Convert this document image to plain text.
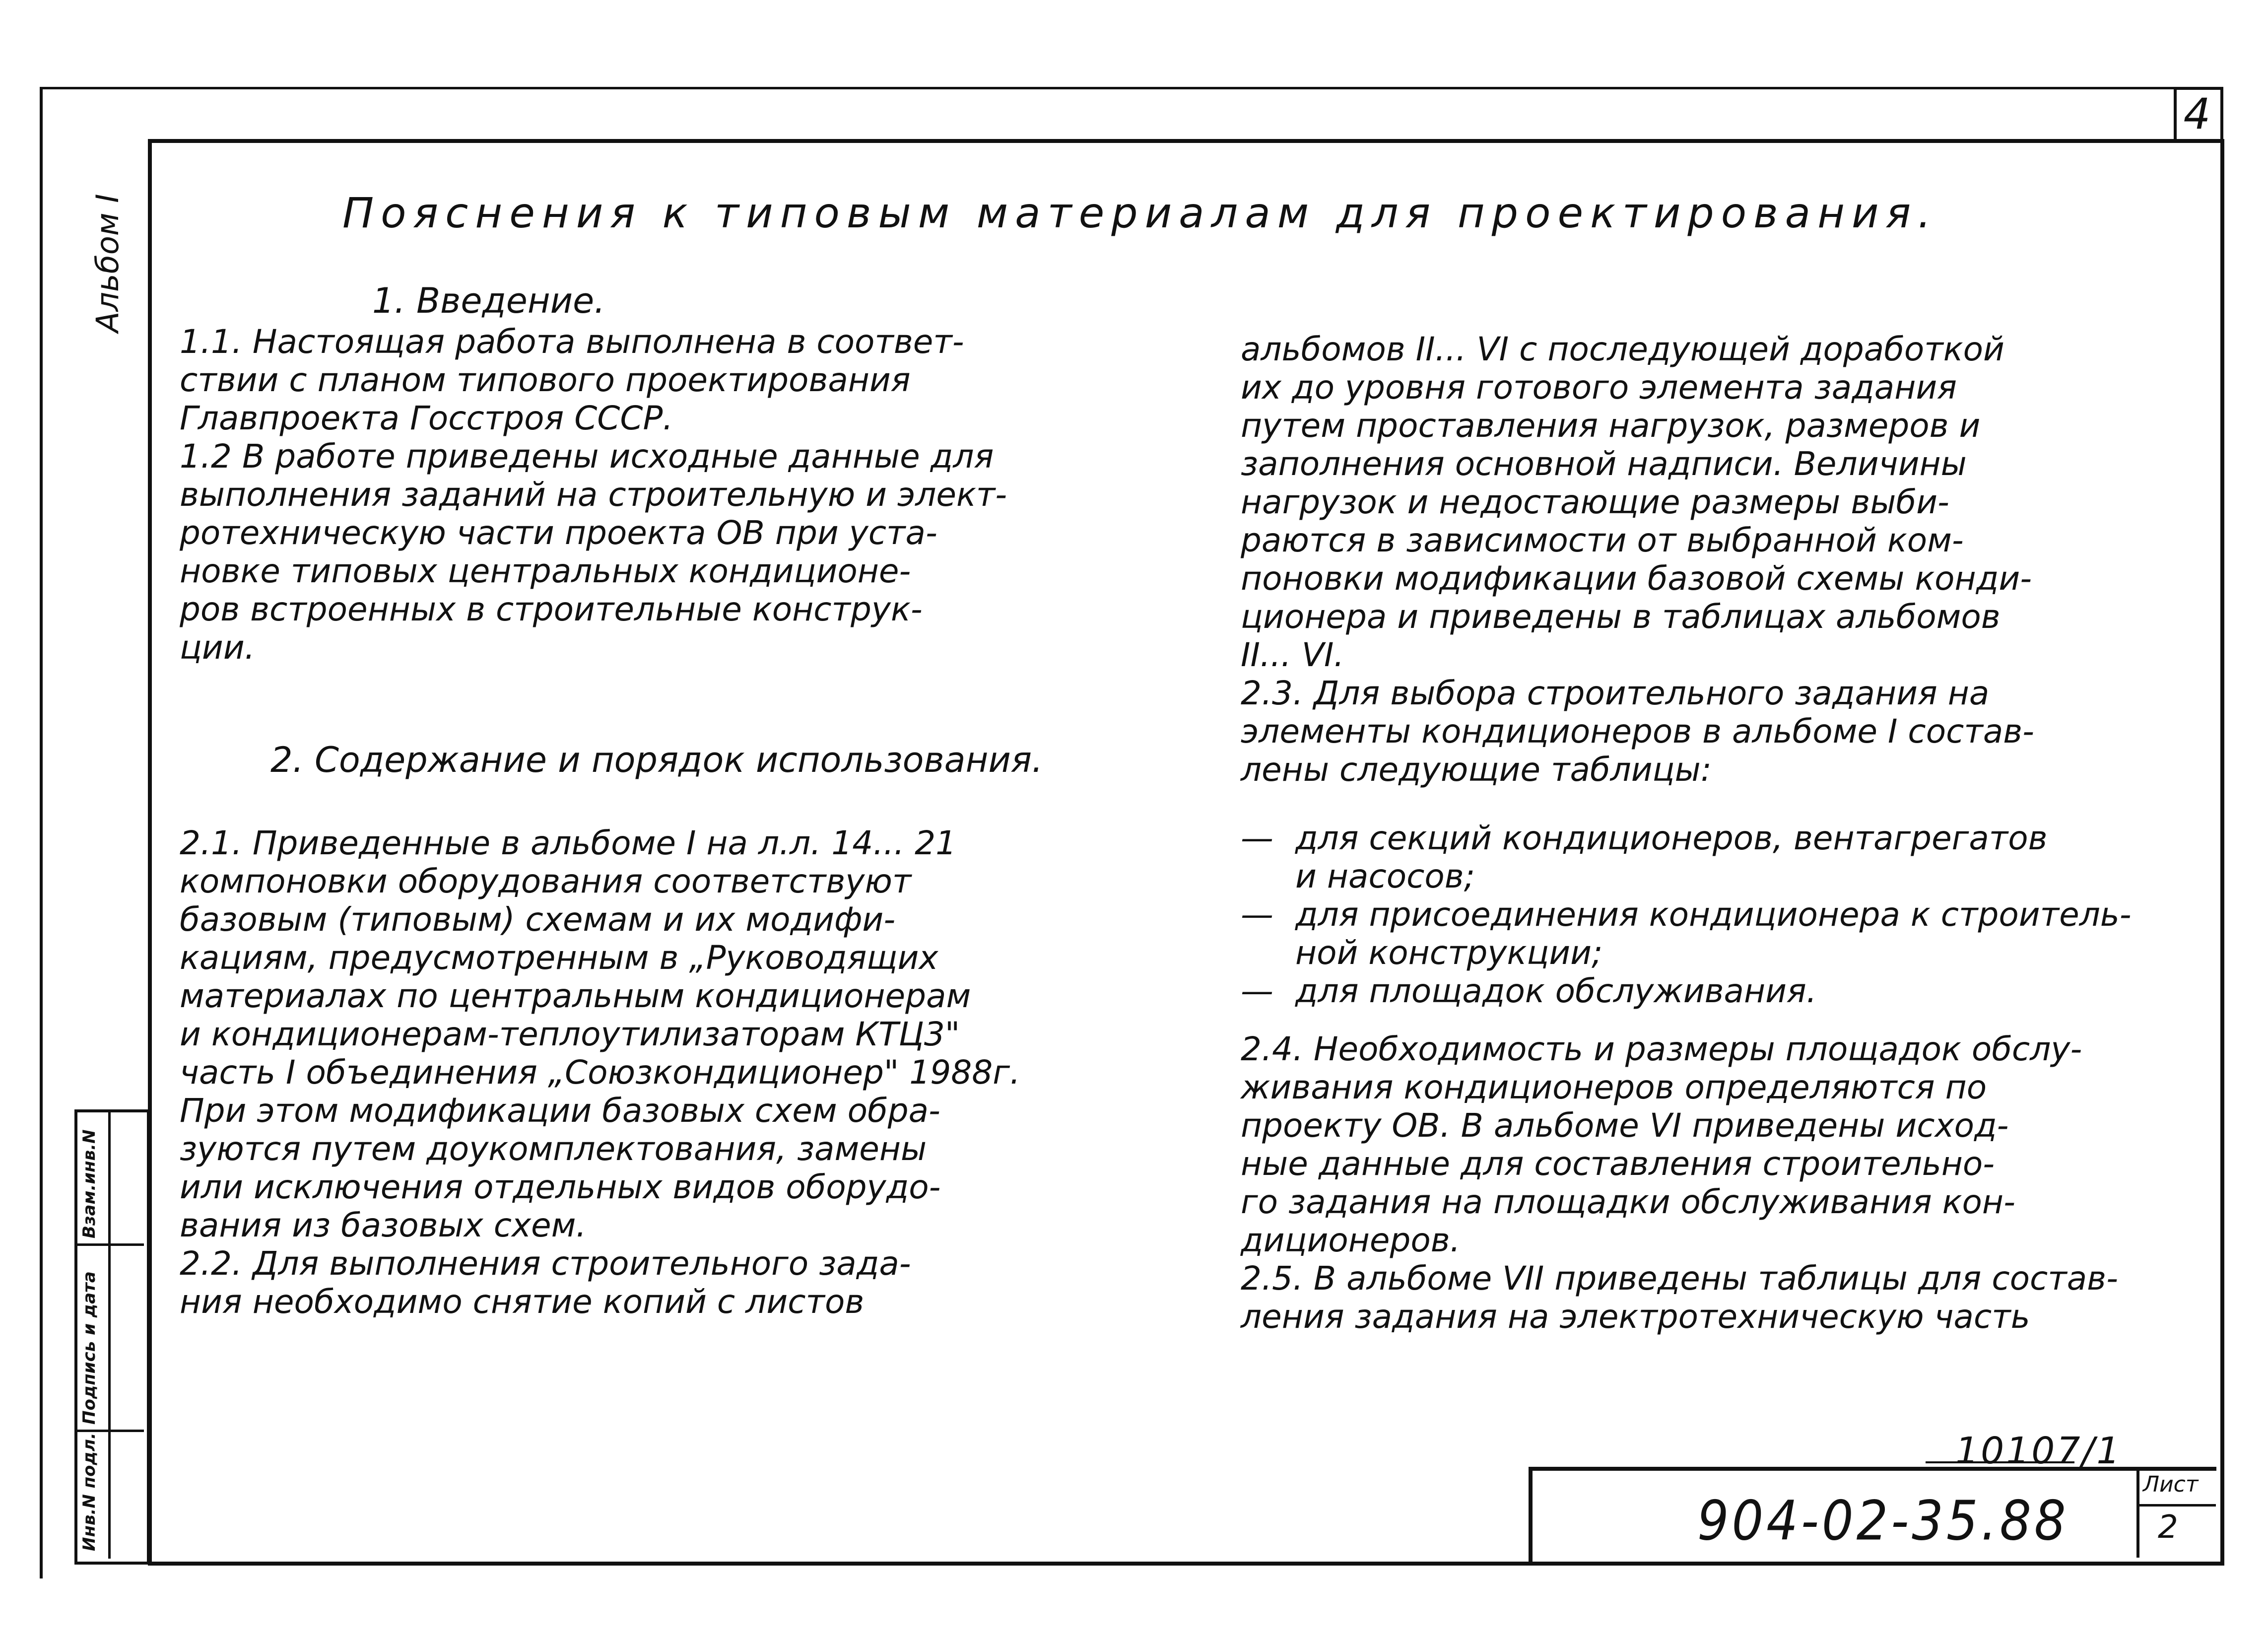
4
Альбом I
Инв.N подл.
Подпись и дата
Взам.инв.N
Пояснения к типовым материалам для проектирования.
1. Введение.
1.1. Настоящая работа выполнена в соответ-
ствии с планом типового проектирования
Главпроекта Госстроя СССР.
1.2 В работе приведены исходные данные для
выполнения заданий на строительную и элект-
ротехническую части проекта ОВ при уста-
новке типовых центральных кондиционе-
ров встроенных в строительные конструк-
ции.
2. Содержание и порядок использования.
2.1. Приведенные в альбоме I на л.л. 14... 21
компоновки оборудования соответствуют
базовым (типовым) схемам и их модифи-
кациям, предусмотренным в „Руководящих
материалах по центральным кондиционерам
и кондиционерам-теплоутилизаторам КТЦ3"
часть I объединения „Союзкондиционер" 1988г.
При этом модификации базовых схем обра-
зуются путем доукомплектования, замены
или исключения отдельных видов оборудо-
вания из базовых схем.
2.2. Для выполнения строительного зада-
ния необходимо снятие копий с листов
альбомов II... VI с последующей доработкой
их до уровня готового элемента задания
путем проставления нагрузок, размеров и
заполнения основной надписи. Величины
нагрузок и недостающие размеры выби-
раются в зависимости от выбранной ком-
поновки модификации базовой схемы конди-
ционера и приведены в таблицах альбомов
II... VI.
2.3. Для выбора строительного задания на
элементы кондиционеров в альбоме I состав-
лены следующие таблицы:
— для секций кондиционеров, вентагрегатов
и насосов;
— для присоединения кондиционера к строитель-
ной конструкции;
— для площадок обслуживания.
2.4. Необходимость и размеры площадок обслу-
живания кондиционеров определяются по
проекту ОВ. В альбоме VI приведены исход-
ные данные для составления строительно-
го задания на площадки обслуживания кон-
диционеров.
2.5. В альбоме VII приведены таблицы для состав-
ления задания на электротехническую часть
10107/1
904-02-35.88
Лист
2
